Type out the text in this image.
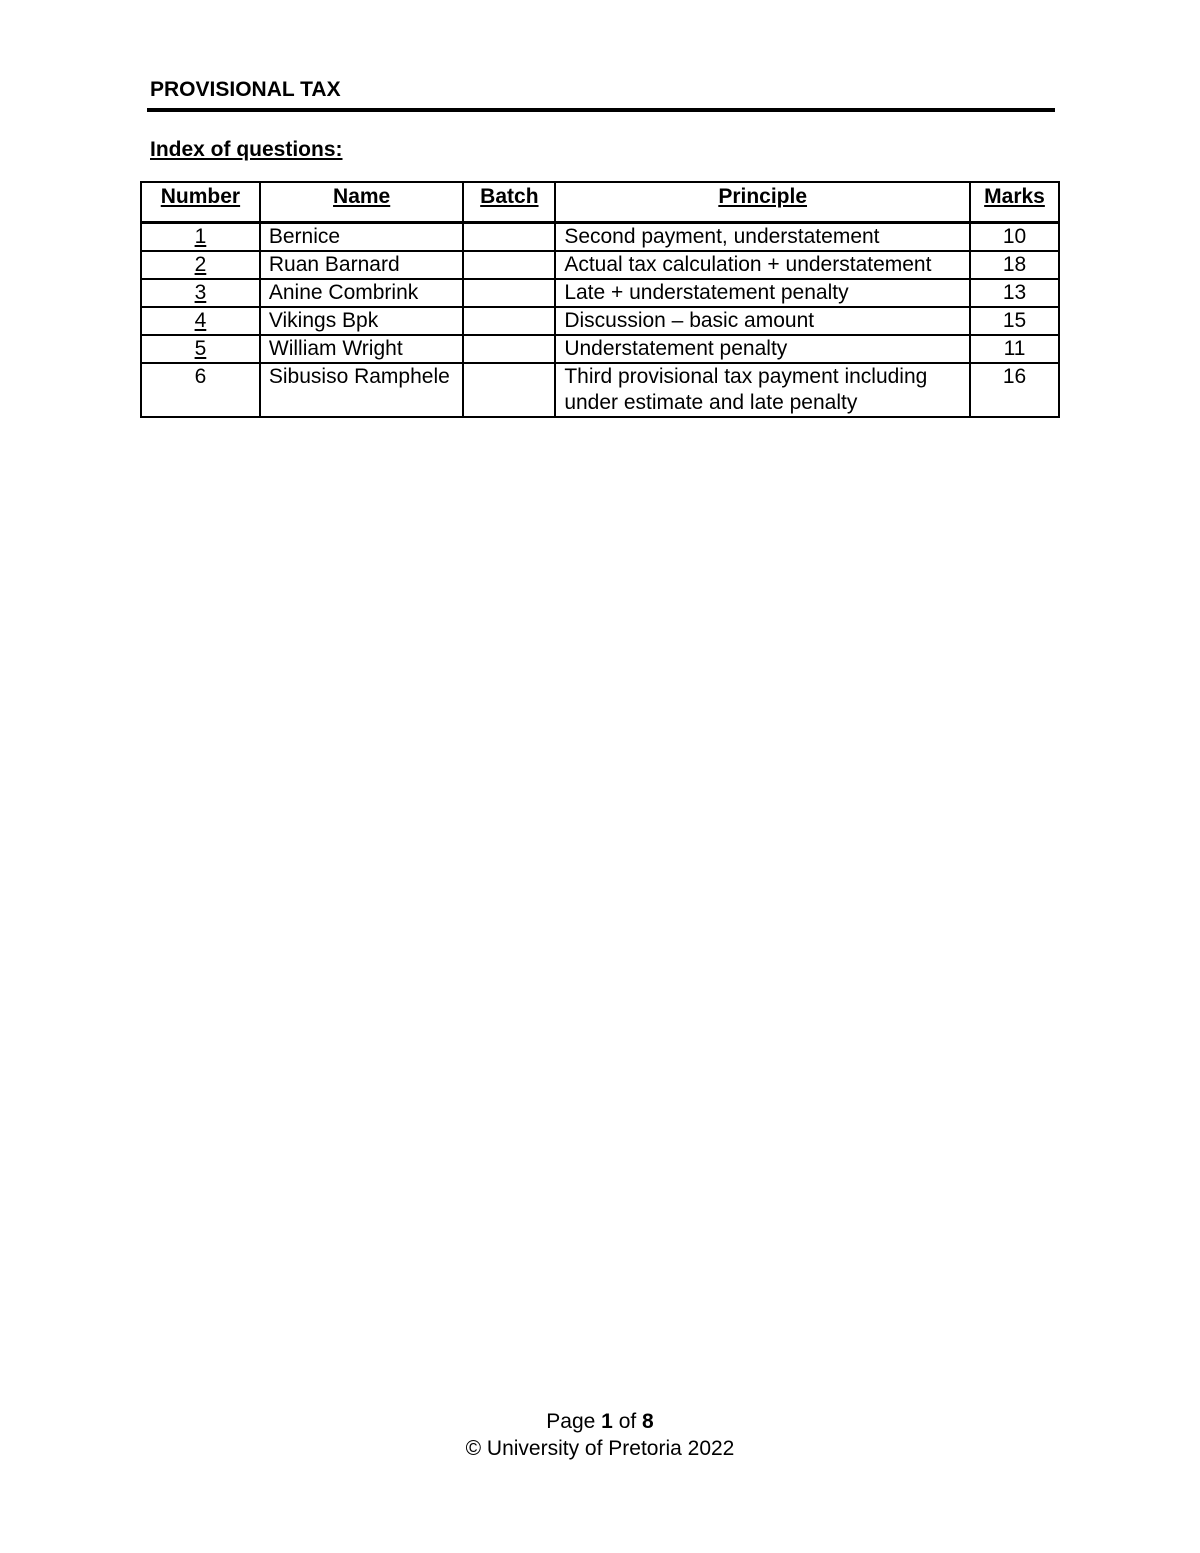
PROVISIONAL TAX
Index of questions:
Number	Name	Batch	Principle	Marks
1	Bernice		Second payment, understatement	10
2	Ruan Barnard		Actual tax calculation + understatement	18
3	Anine Combrink		Late + understatement penalty	13
4	Vikings Bpk		Discussion – basic amount	15
5	William Wright		Understatement penalty	11
6	Sibusiso Ramphele		Third provisional tax payment including under estimate and late penalty	16
Page 1 of 8
© University of Pretoria 2022
